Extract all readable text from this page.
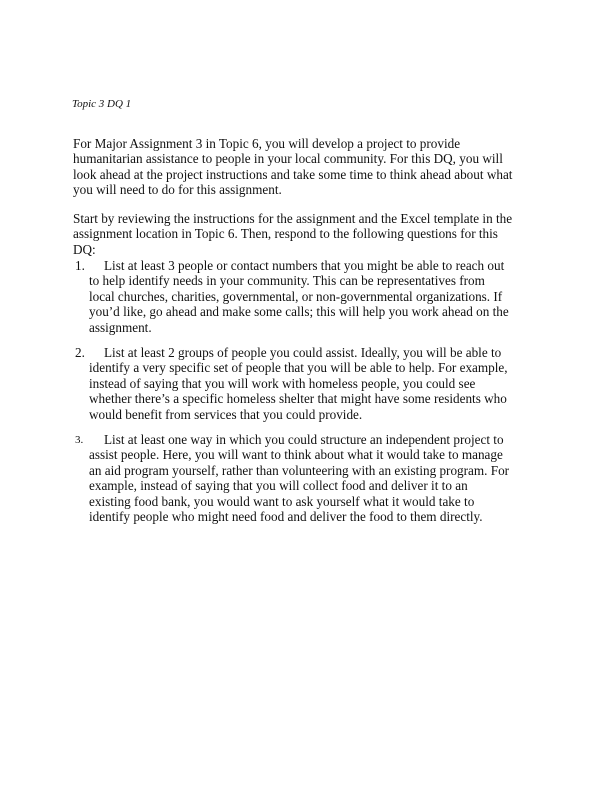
Topic 3 DQ 1
For Major Assignment 3 in Topic 6, you will develop a project to provide
humanitarian assistance to people in your local community. For this DQ, you will
look ahead at the project instructions and take some time to think ahead about what
you will need to do for this assignment.
Start by reviewing the instructions for the assignment and the Excel template in the
assignment location in Topic 6. Then, respond to the following questions for this
DQ:
1.	List at least 3 people or contact numbers that you might be able to reach out
to help identify needs in your community. This can be representatives from
local churches, charities, governmental, or non-governmental organizations. If
you’d like, go ahead and make some calls; this will help you work ahead on the
assignment.
2.	List at least 2 groups of people you could assist. Ideally, you will be able to
identify a very specific set of people that you will be able to help. For example,
instead of saying that you will work with homeless people, you could see
whether there’s a specific homeless shelter that might have some residents who
would benefit from services that you could provide.
3.	List at least one way in which you could structure an independent project to
assist people. Here, you will want to think about what it would take to manage
an aid program yourself, rather than volunteering with an existing program. For
example, instead of saying that you will collect food and deliver it to an
existing food bank, you would want to ask yourself what it would take to
identify people who might need food and deliver the food to them directly.
